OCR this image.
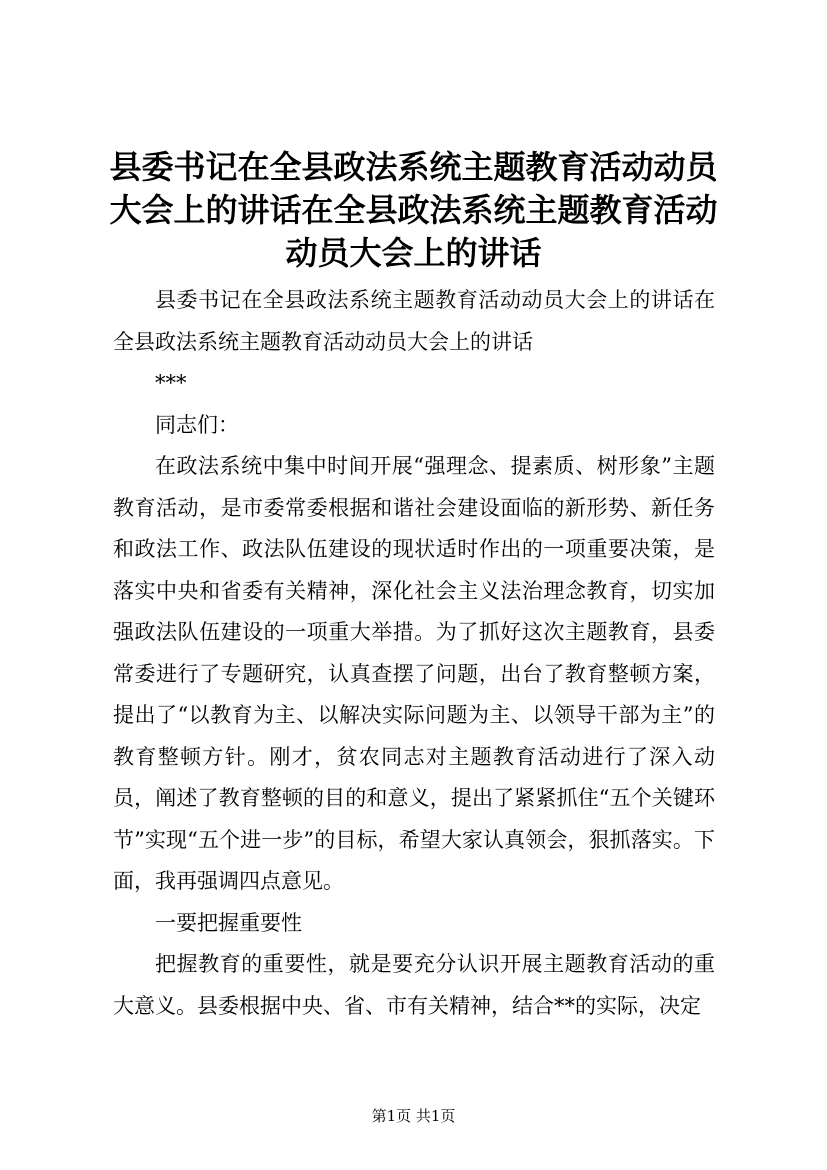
县委书记在全县政法系统主题教育活动动员大会上的讲话在全县政法系统主题教育活动动员大会上的讲话

县委书记在全县政法系统主题教育活动动员大会上的讲话在全县政法系统主题教育活动动员大会上的讲话

***

同志们：

在政法系统中集中时间开展“强理念、提素质、树形象”主题教育活动，是市委常委根据和谐社会建设面临的新形势、新任务和政法工作、政法队伍建设的现状适时作出的一项重要决策，是落实中央和省委有关精神，深化社会主义法治理念教育，切实加强政法队伍建设的一项重大举措。为了抓好这次主题教育，县委常委进行了专题研究，认真查摆了问题，出台了教育整顿方案，提出了“以教育为主、以解决实际问题为主、以领导干部为主”的教育整顿方针。刚才，贫农同志对主题教育活动进行了深入动员，阐述了教育整顿的目的和意义，提出了紧紧抓住“五个关键环节”实现“五个进一步”的目标，希望大家认真领会，狠抓落实。下面，我再强调四点意见。

一要把握重要性

把握教育的重要性，就是要充分认识开展主题教育活动的重大意义。县委根据中央、省、市有关精神，结合**的实际，决定

第1页 共1页
